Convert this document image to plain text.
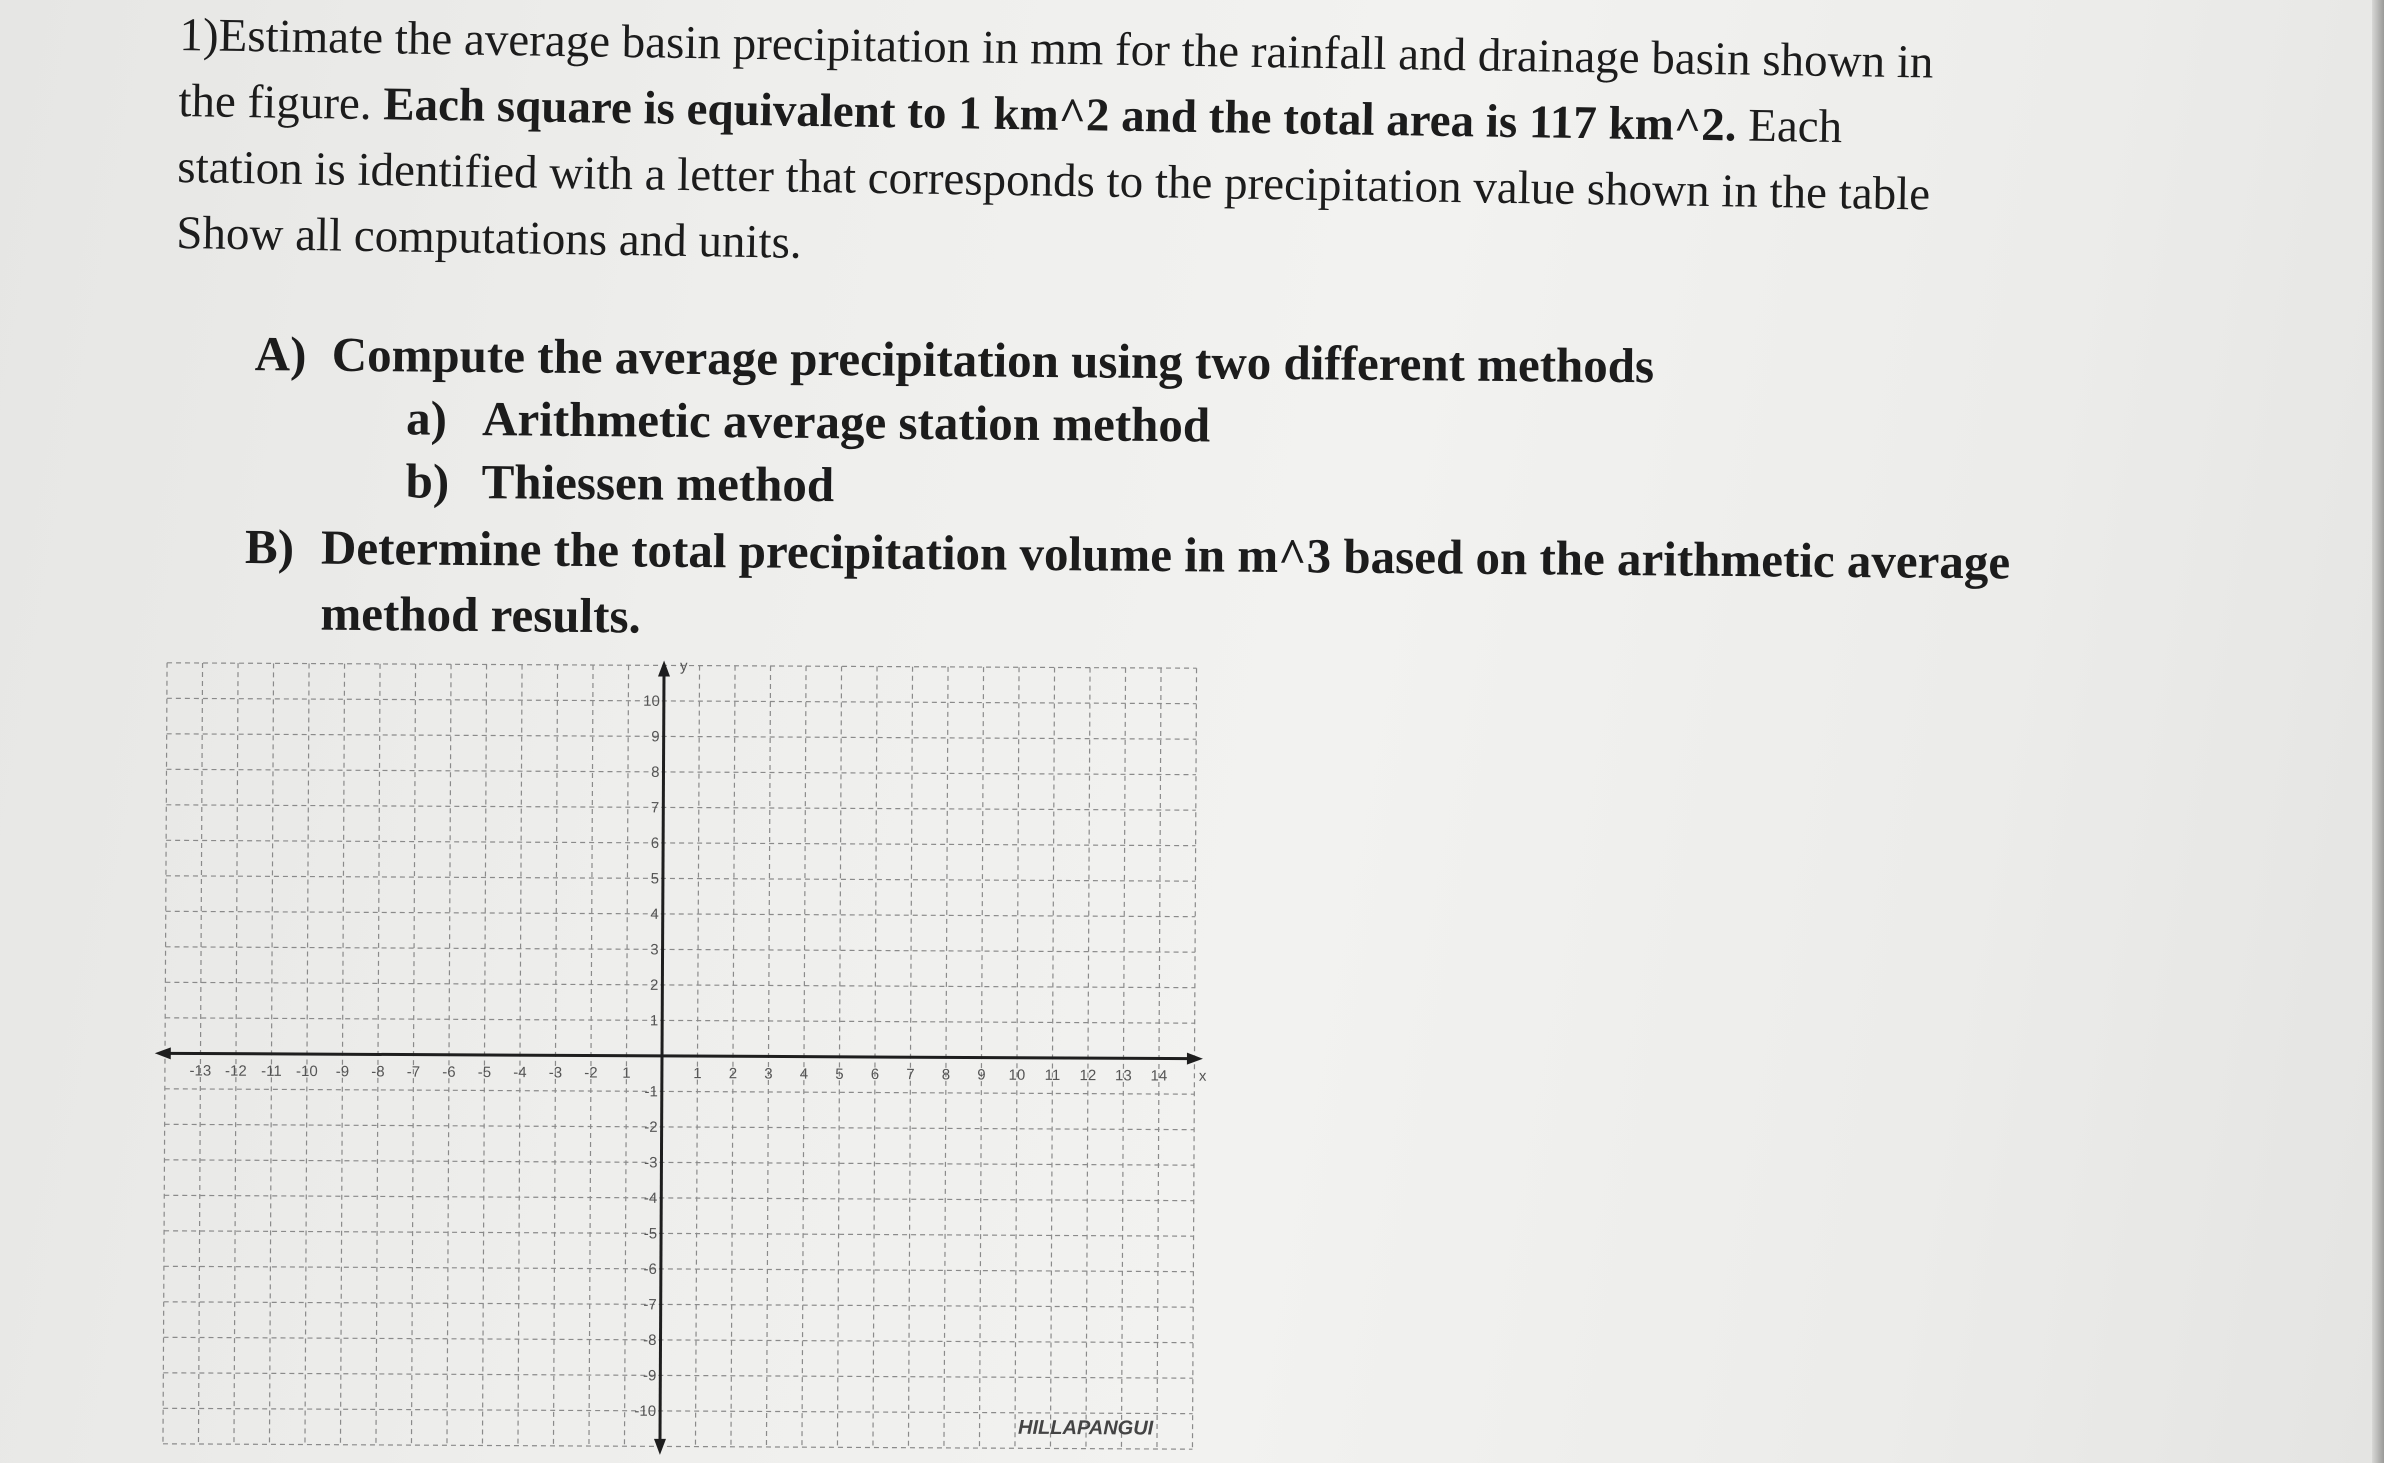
1)Estimate the average basin precipitation in mm for the rainfall and drainage basin shown in

the figure. Each square is equivalent to 1 km^2 and the total area is 117 km^2. Each

station is identified with a letter that corresponds to the precipitation value shown in the table

Show all computations and units.

A) Compute the average precipitation using two different methods
a) Arithmetic average station method
b) Thiessen method
B) Determine the total precipitation volume in m^3 based on the arithmetic average
method results.
x
y
-13 -12 -11 -10 -9 -8 -7 -6 -5 -4 -3 -2 1	1 2 3 4 5 6 7 8 9 10 11 12 13 14
10
9
8
7
6
5
4
3
2
1
-1
-2
-3
-4
-5
-6
-7
-8
-9
-10
HILLAPANGUI
